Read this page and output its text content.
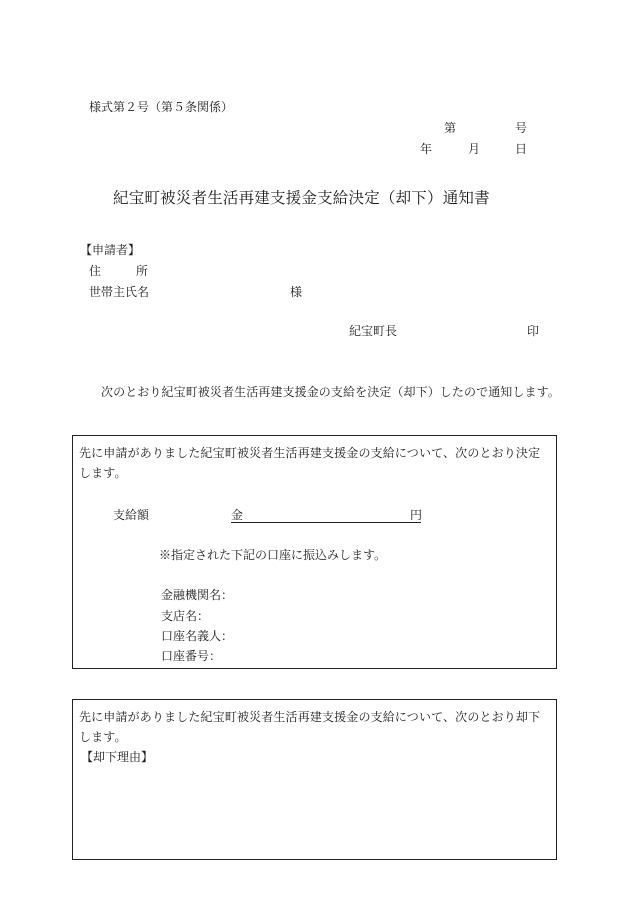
様式第２号（第５条関係）
第	号
年	月	日
紀宝町被災者生活再建支援金支給決定（却下）通知書
【申請者】
住	所
世帯主氏名	様
紀宝町長	印
次のとおり紀宝町被災者生活再建支援金の支給を決定（却下）したので通知します。
先に申請がありました紀宝町被災者生活再建支援金の支給について、次のとおり決定します。
支給額	金	円
※指定された下記の口座に振込みします。
金融機関名：
支店名：
口座名義人：
口座番号：
先に申請がありました紀宝町被災者生活再建支援金の支給について、次のとおり却下します。
【却下理由】
